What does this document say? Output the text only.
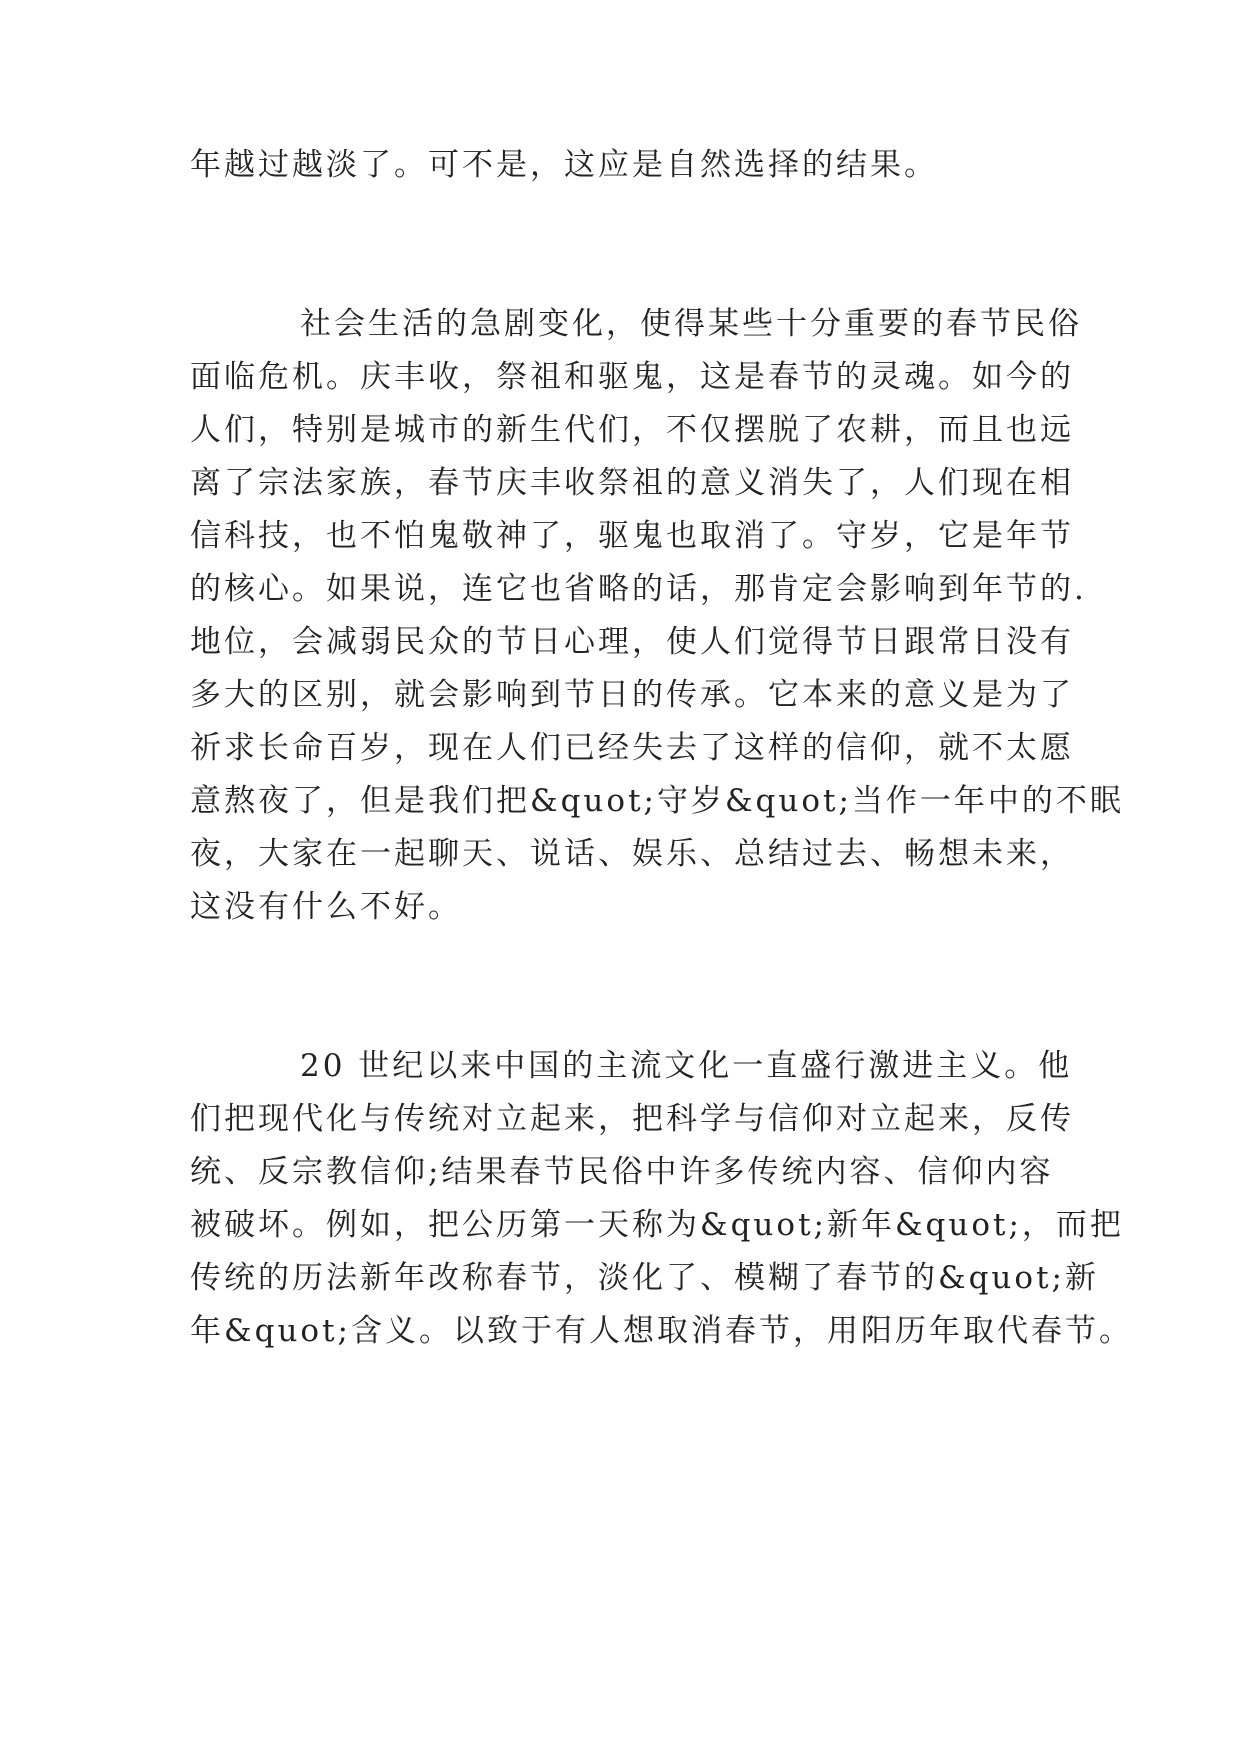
年越过越淡了。可不是，这应是自然选择的结果。

社会生活的急剧变化，使得某些十分重要的春节民俗

面临危机。庆丰收，祭祖和驱鬼，这是春节的灵魂。如今的

人们，特别是城市的新生代们，不仅摆脱了农耕，而且也远

离了宗法家族，春节庆丰收祭祖的意义消失了，人们现在相

信科技，也不怕鬼敬神了，驱鬼也取消了。守岁，它是年节

的核心。如果说，连它也省略的话，那肯定会影响到年节的.

地位，会减弱民众的节日心理，使人们觉得节日跟常日没有

多大的区别，就会影响到节日的传承。它本来的意义是为了

祈求长命百岁，现在人们已经失去了这样的信仰，就不太愿

意熬夜了，但是我们把&quot;守岁&quot;当作一年中的不眠

夜，大家在一起聊天、说话、娱乐、总结过去、畅想未来，

这没有什么不好。

20 世纪以来中国的主流文化一直盛行激进主义。他

们把现代化与传统对立起来，把科学与信仰对立起来，反传

统、反宗教信仰;结果春节民俗中许多传统内容、信仰内容

被破坏。例如，把公历第一天称为&quot;新年&quot;，而把

传统的历法新年改称春节，淡化了、模糊了春节的&quot;新

年&quot;含义。以致于有人想取消春节，用阳历年取代春节。
